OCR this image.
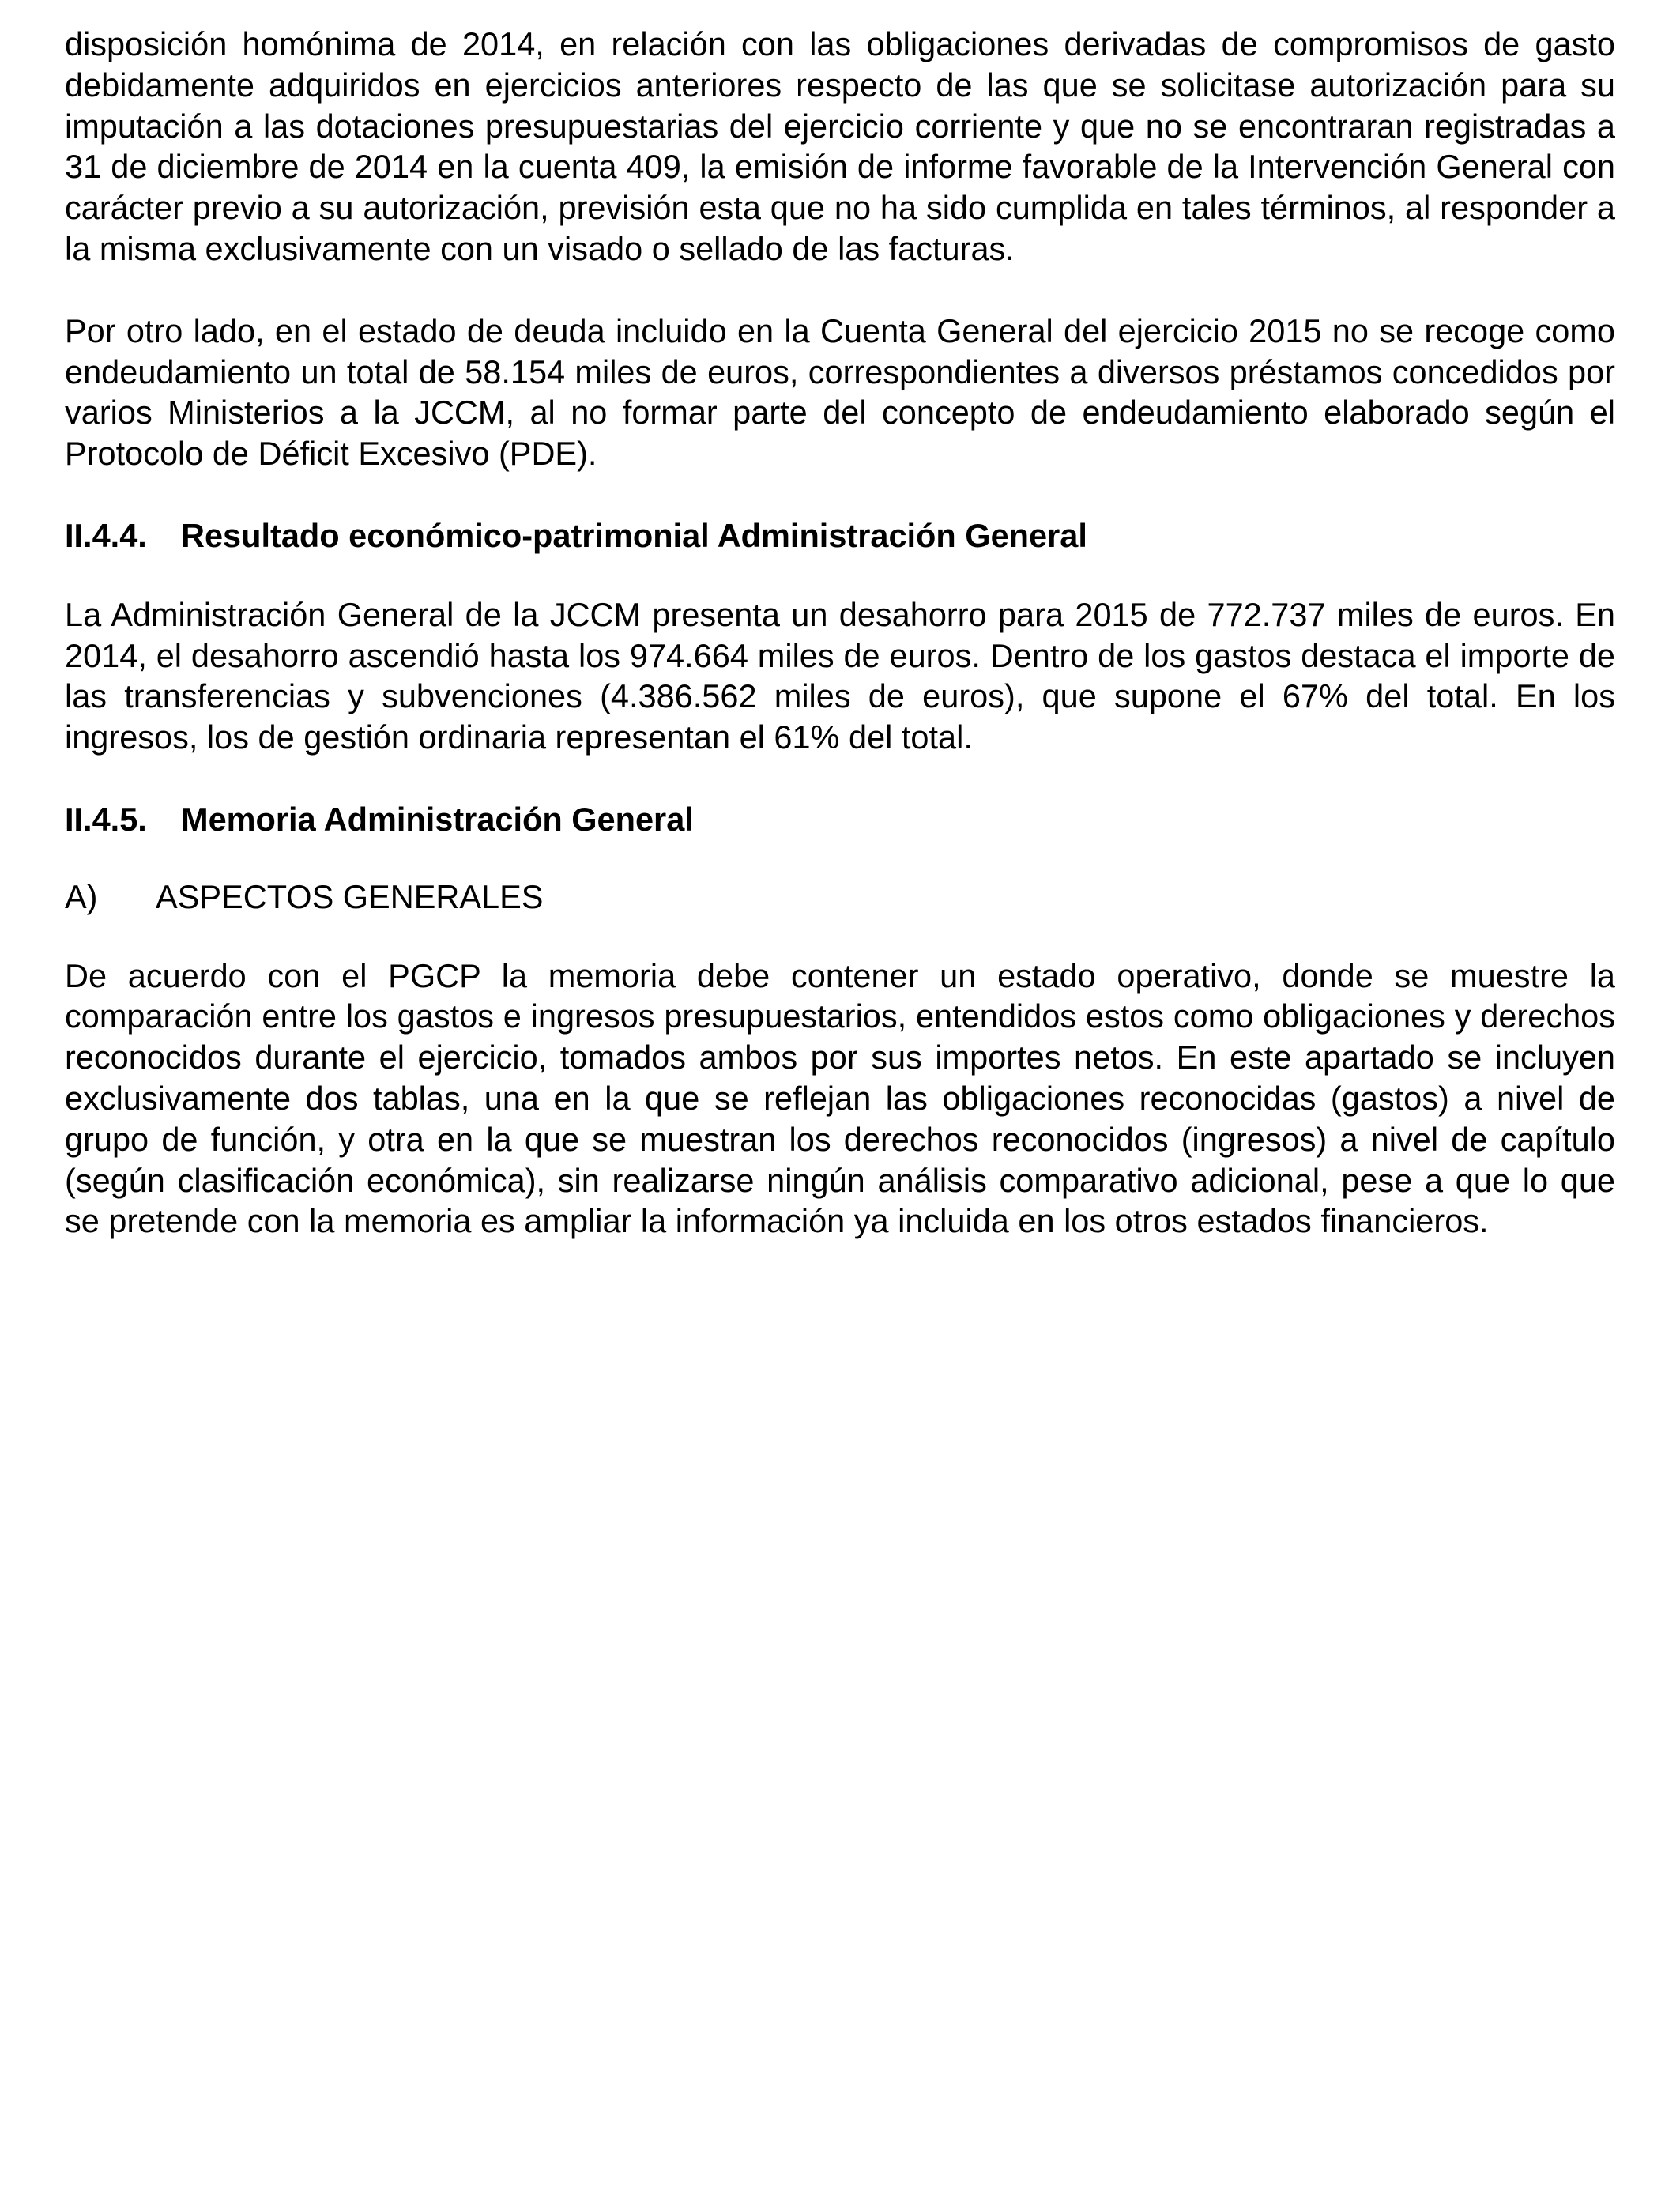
disposición homónima de 2014, en relación con las obligaciones derivadas de compromisos de gasto debidamente adquiridos en ejercicios anteriores respecto de las que se solicitase autorización para su imputación a las dotaciones presupuestarias del ejercicio corriente y que no se encontraran registradas a 31 de diciembre de 2014 en la cuenta 409, la emisión de informe favorable de la Intervención General con carácter previo a su autorización, previsión esta que no ha sido cumplida en tales términos, al responder a la misma exclusivamente con un visado o sellado de las facturas.

Por otro lado, en el estado de deuda incluido en la Cuenta General del ejercicio 2015 no se recoge como endeudamiento un total de 58.154 miles de euros, correspondientes a diversos préstamos concedidos por varios Ministerios a la JCCM, al no formar parte del concepto de endeudamiento elaborado según el Protocolo de Déficit Excesivo (PDE).

II.4.4.	Resultado económico-patrimonial Administración General

La Administración General de la JCCM presenta un desahorro para 2015 de 772.737 miles de euros. En 2014, el desahorro ascendió hasta los 974.664 miles de euros. Dentro de los gastos destaca el importe de las transferencias y subvenciones (4.386.562 miles de euros), que supone el 67% del total. En los ingresos, los de gestión ordinaria representan el 61% del total.

II.4.5.	Memoria Administración General
A)	ASPECTOS GENERALES

De acuerdo con el PGCP la memoria debe contener un estado operativo, donde se muestre la comparación entre los gastos e ingresos presupuestarios, entendidos estos como obligaciones y derechos reconocidos durante el ejercicio, tomados ambos por sus importes netos. En este apartado se incluyen exclusivamente dos tablas, una en la que se reflejan las obligaciones reconocidas (gastos) a nivel de grupo de función, y otra en la que se muestran los derechos reconocidos (ingresos) a nivel de capítulo (según clasificación económica), sin realizarse ningún análisis comparativo adicional, pese a que lo que se pretende con la memoria es ampliar la información ya incluida en los otros estados financieros.
